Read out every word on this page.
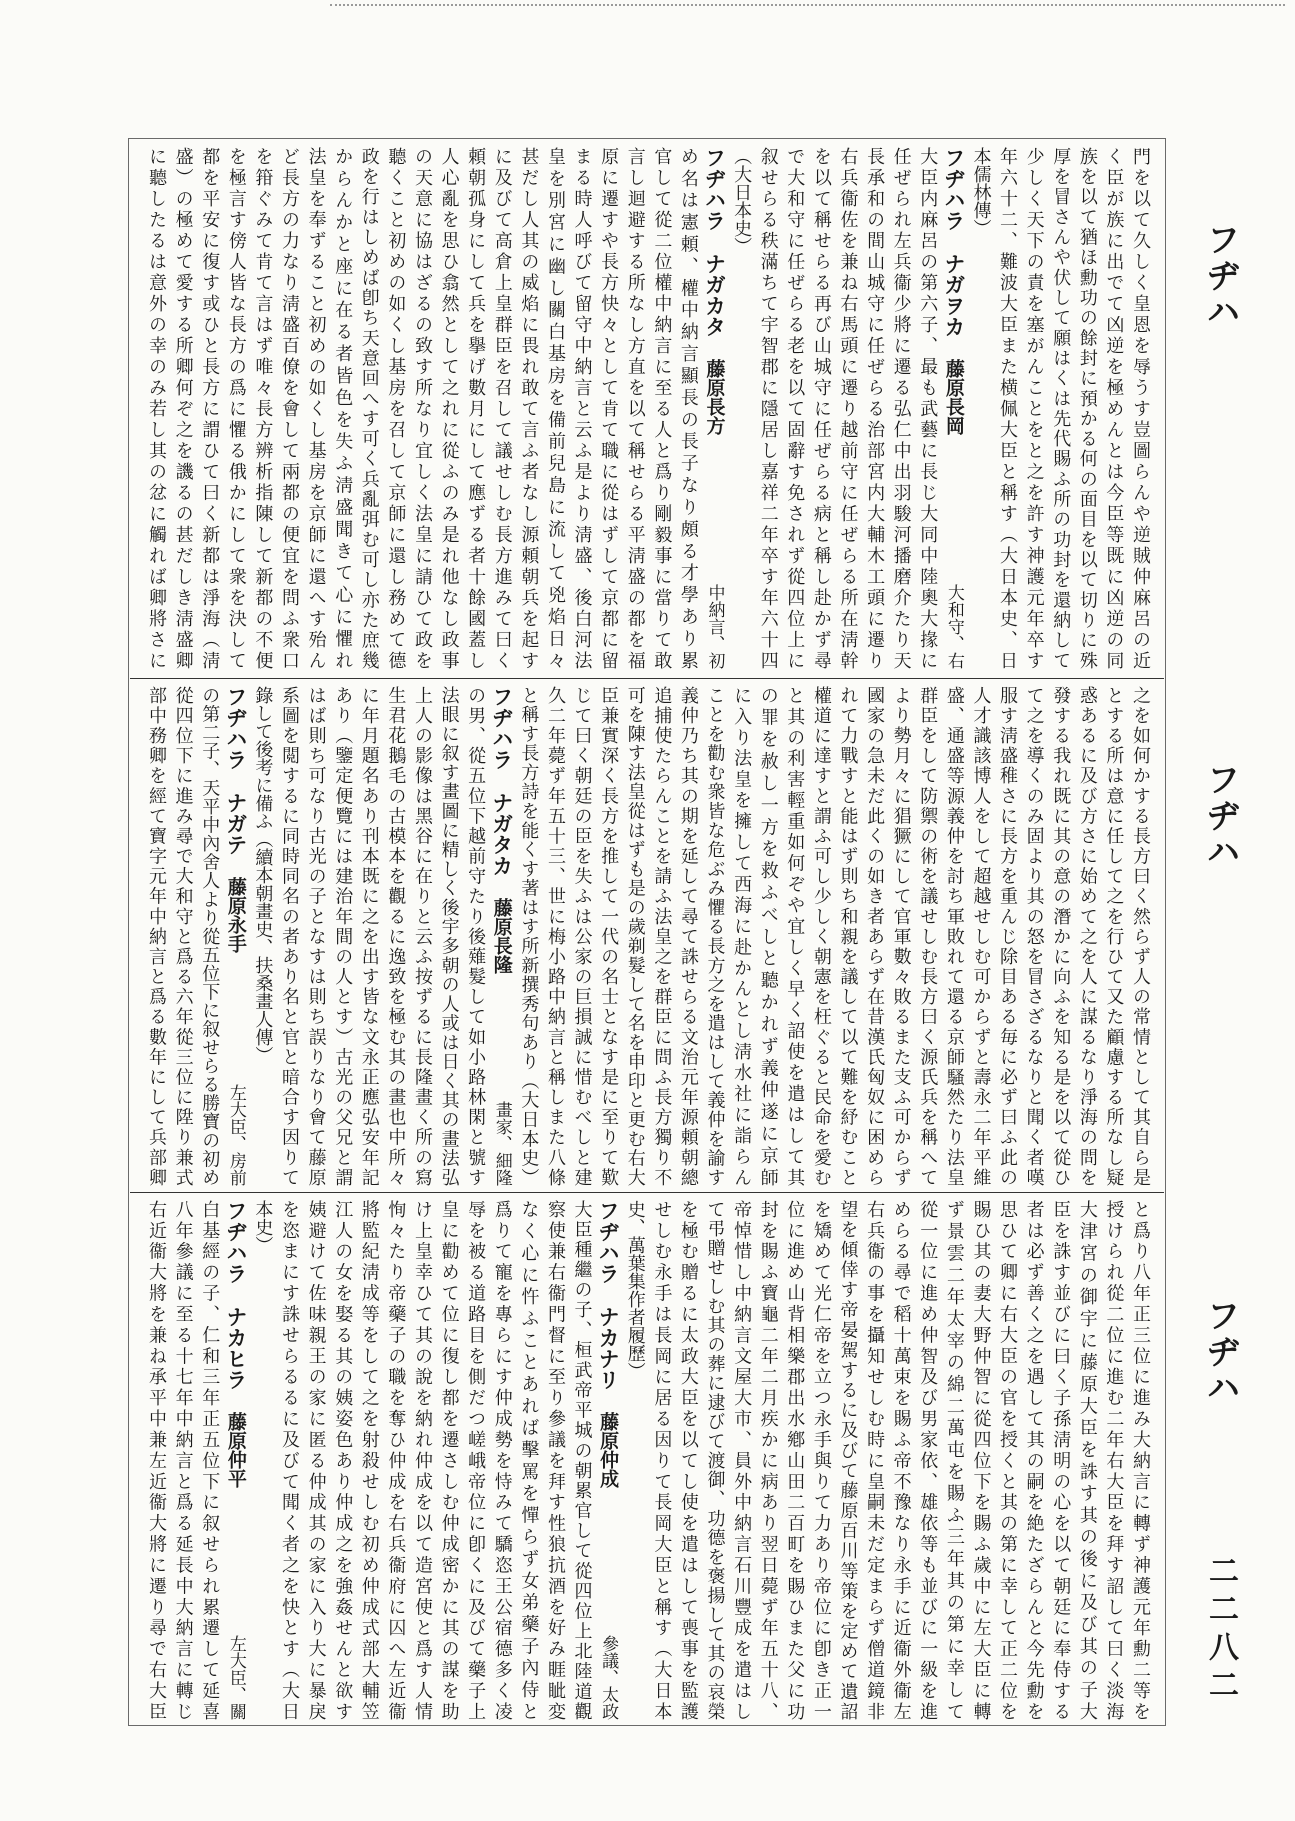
門を以て久しく皇恩を辱うす豈圖らんや逆賊仲麻呂の近
く臣が族に出でて凶逆を極めんとは今臣等既に凶逆の同
族を以て猶ほ勳功の餘封に預かる何の面目を以て切りに殊
厚を冒さんや伏して願はくは先代賜ふ所の功封を還納して
少しく天下の責を塞がんことをと之を許す神護元年卒す
年六十二、難波大臣また横佩大臣と稱す（大日本史、日
本儒林傳）
フヂハラ
ナガヲカ
藤原長岡
大和守、右
大臣内麻呂の第六子、最も武藝に長じ大同中陸奧大掾に
任ぜられ左兵衞少將に遷る弘仁中出羽駿河播磨介たり天
長承和の間山城守に任ぜらる治部宮内大輔木工頭に遷り
右兵衞佐を兼ね右馬頭に遷り越前守に任ぜらる所在淸幹
を以て稱せらる再び山城守に任ぜらる病と稱し赴かず尋
で大和守に任ぜらる老を以て固辭す免されず從四位上に
叙せらる秩滿ちて宇智郡に隱居し嘉祥二年卒す年六十四
（大日本史）
フヂハラ
ナガカタ
藤原長方
中納言、初
め名は憲頼、權中納言顯長の長子なり頗る才學あり累
官して從二位權中納言に至る人と爲り剛毅事に當りて敢
言し迴避する所なし方直を以て稱せらる平淸盛の都を福
原に遷すや長方快々として肯て職に從はずして京都に留
まる時人呼びて留守中納言と云ふ是より淸盛、後白河法
皇を別宮に幽し關白基房を備前兒島に流して兇焰日々
甚だし人其の威焰に畏れ敢て言ふ者なし源頼朝兵を起す
に及びて高倉上皇群臣を召して議せしむ長方進みて曰く
頼朝孤身にして兵を擧げ數月にして應ずる者十餘國蓋し
人心亂を思ひ翕然として之れに從ふのみ是れ他なし政事
の天意に協はざるの致す所なり宜しく法皇に請ひて政を
聽くこと初めの如くし基房を召して京師に還し務めて德
政を行はしめば卽ち天意回へす可く兵亂弭む可し亦た庶幾
からんかと座に在る者皆色を失ふ淸盛聞きて心に懼れ
法皇を奉ずること初めの如くし基房を京師に還へす殆ん
ど長方の力なり淸盛百僚を會して兩都の便宜を問ふ衆口
を箝ぐみて肯て言はず唯々長方辨析指陳して新都の不便
を極言す傍人皆な長方の爲に懼る俄かにして衆を決して
都を平安に復す或ひと長方に謂ひて曰く新都は淨海（淸
盛）の極めて愛する所卿何ぞ之を譏るの甚だしき淸盛卿
に聽したるは意外の幸のみ若し其の忿に觸れば卿將さに
之を如何かする長方曰く然らず人の常情として其自ら是
とする所は意に任して之を行ひて又た顧慮する所なし疑
惑あるに及び方さに始めて之を人に謀るなり淨海の問を
發する我れ既に其の意の潛かに向ふを知る是を以て從ひ
て之を導くのみ固より其の怒を冒さざるなりと聞く者嘆
服す淸盛稚さに長方を重んじ除目ある毎に必ず曰ふ此の
人才識該博人をして超越せしむ可からずと壽永二年平維
盛、通盛等源義仲を討ち軍敗れて還る京師騷然たり法皇
群臣をして防禦の術を議せしむ長方曰く源氏兵を稱へて
より勢月々に猖獗にして官軍數々敗るまた支ふ可からず
國家の急未だ此くの如き者あらず在昔漢氏匈奴に困めら
れて力戰すと能はず則ち和親を議して以て難を紓むこと
權道に達すと謂ふ可し少しく朝憲を枉ぐると民命を愛む
と其の利害輕重如何ぞや宜しく早く詔使を遣はして其
の罪を赦し一方を救ふべしと聽かれず義仲遂に京師
に入り法皇を擁して西海に赴かんとし淸水社に詣らん
ことを勸む衆皆な危ぶみ懼る長方之を遣はして義仲を諭す
義仲乃ち其の期を延して尋て誅せらる文治元年源頼朝總
追捕使たらんことを請ふ法皇之を群臣に問ふ長方獨り不
可を陳す法皇從はずも是の歲剃髮して名を申印と更む右大
臣兼實深く長方を推して一代の名士となす是に至りて歎
じて曰く朝廷の臣を失ふは公家の巨損誠に惜むべしと建
久二年薨ず年五十三、世に梅小路中納言と稱しまた八條
と稱す長方詩を能くす著はす所新撰秀句あり（大日本史）
フヂハラ
ナガタカ
藤原長隆
畫家、細隆
の男、從五位下越前守たり後薙髮して如小路林閑と號す
法眼に叙す畫圖に精しく後宇多朝の人或は日く其の畫法弘
上人の影像は黑谷に在りと云ふ按ずるに長隆畫く所の寫
生君花鵝毛の古模本を觀るに逸致を極む其の畫也中所々
に年月題名あり刊本既に之を出す皆な文永正應弘安年記
あり（鑒定便覽には建治年間の人とす）古光の父兄と謂
はば則ち可なり古光の子となすは則ち誤りなり會て藤原
系圖を閲するに同時同名の者あり名と官と暗合す因りて
錄して後考に備ふ（續本朝畫史、扶桑畫人傳）
フヂハラ
ナガテ
藤原永手
左大臣、房前
の第二子、天平中內舍人より從五位下に叙せらる勝寶の初め
從四位下に進み尋で大和守と爲る六年從三位に陞り兼式
部中務卿を經て寶字元年中納言と爲る數年にして兵部卿
と爲り八年正三位に進み大納言に轉ず神護元年勳二等を
授けられ從二位に進む二年右大臣を拜す詔して曰く淡海
大津宮の御宇に藤原大臣を誅す其の後に及び其の子大
臣を誅す並びに曰く子孫淸明の心を以て朝廷に奉侍する
者は必ず善く之を遇して其の嗣を絶たざらんと今先勳を
思ひて卿に右大臣の官を授くと其の第に幸して正二位を
賜ひ其の妻大野仲智に從四位下を賜ふ歲中に左大臣に轉
ず景雲二年太宰の綿二萬屯を賜ふ三年其の第に幸して
從一位に進め仲智及び男家依、雄依等も並びに一級を進
めらる尋で稻十萬束を賜ふ帝不豫なり永手に近衞外衞左
右兵衞の事を攝知せしむ時に皇嗣未だ定まらず僧道鏡非
望を傾倖す帝晏駕するに及びて藤原百川等策を定めて遺詔
を矯めて光仁帝を立つ永手與りて力あり帝位に卽き正一
位に進め山背相樂郡出水鄕山田二百町を賜ひまた父に功
封を賜ふ寶龜二年二月疾かに病あり翌日薨ず年五十八、
帝悼惜し中納言文屋大市、員外中納言石川豐成を遣はし
て弔贈せしむ其の葬に逮びて渡御、功德を褒揚して其の哀榮
を極む贈るに太政大臣を以てし使を遣はして喪事を監護
せしむ永手は長岡に居る因りて長岡大臣と稱す（大日本
史、萬葉集作者履歷）
フヂハラ
ナカナリ
藤原仲成
參議、太政
大臣種繼の子、桓武帝平城の朝累官して從四位上北陸道觀
察使兼右衞門督に至り參議を拜す性狼抗酒を好み睚眦変
なく心に忤ふことあれば擊罵を憚らず女弟藥子內侍と
爲りて寵を專らにす仲成勢を恃みて驕恣王公宿德多く凌
辱を被る道路目を側だつ嵯峨帝位に卽くに及びて藥子上
皇に勸めて位に復し都を遷さしむ仲成密かに其の謀を助
け上皇幸ひて其の說を納れ仲成を以て造宮使と爲す人情
恂々たり帝藥子の職を奪ひ仲成を右兵衞府に囚へ左近衞
將監紀淸成等をして之を射殺せしむ初め仲成式部大輔笠
江人の女を娶る其の姨姿色あり仲成之を強姦せんと欲す
姨避けて佐味親王の家に匿る仲成其の家に入り大に暴戾
を恣まにす誅せらるるに及びて聞く者之を快とす（大日
本史）
フヂハラ
ナカヒラ
藤原仲平
左大臣、關
白基經の子、仁和三年正五位下に叙せられ累遷して延喜
八年參議に至る十七年中納言と爲る延長中大納言に轉じ
右近衞大將を兼ね承平中兼左近衞大將に遷り尋で右大臣
フヂハ
フヂハ
フヂハ
二二八二
